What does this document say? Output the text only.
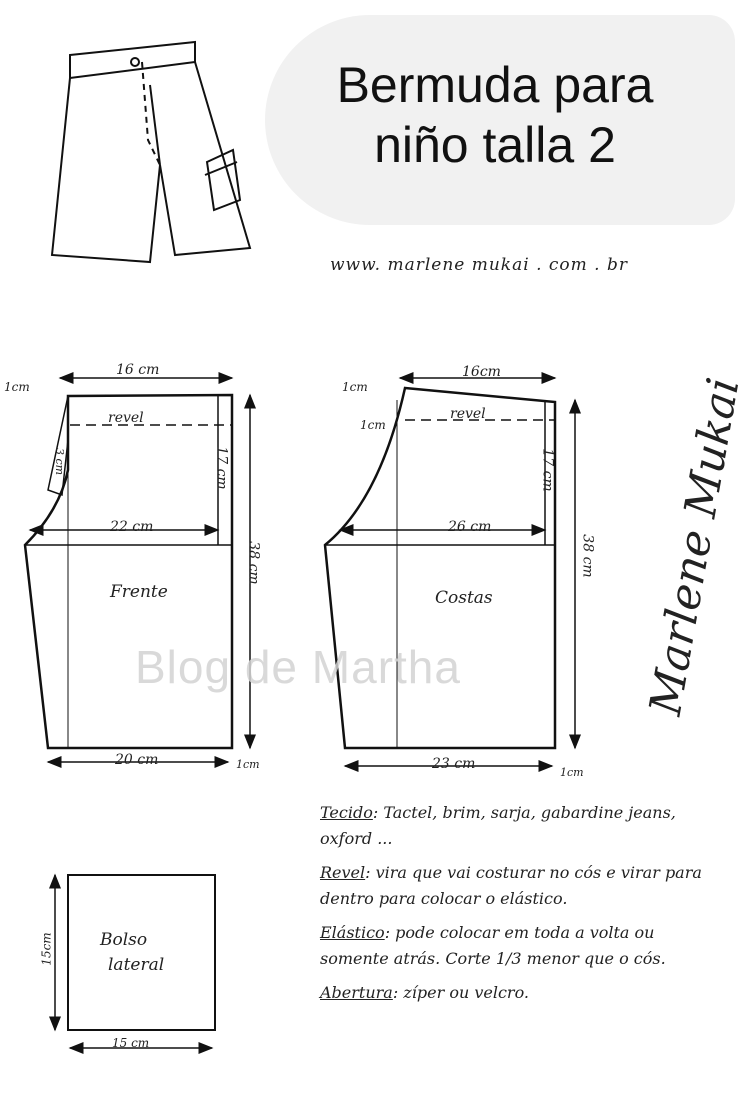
Bermuda para
niño talla 2
www. marlene mukai . com . br
16 cm
1cm
3 cm
revel
17 cm
22 cm
38 cm
Frente
20 cm	1cm
16cm
1cm
1cm
revel
17 cm
26 cm
38 cm
Costas
23 cm
1cm
Bolso
lateral
15cm
15 cm
Blog de Martha	Marlene Mukai
Tecido: Tactel, brim, sarja, gabardine jeans, oxford ...
Revel: vira que vai costurar no cós e virar para dentro para colocar o elástico.
Elástico: pode colocar em toda a volta ou somente atrás. Corte 1/3 menor que o cós.
Abertura: zíper ou velcro.
